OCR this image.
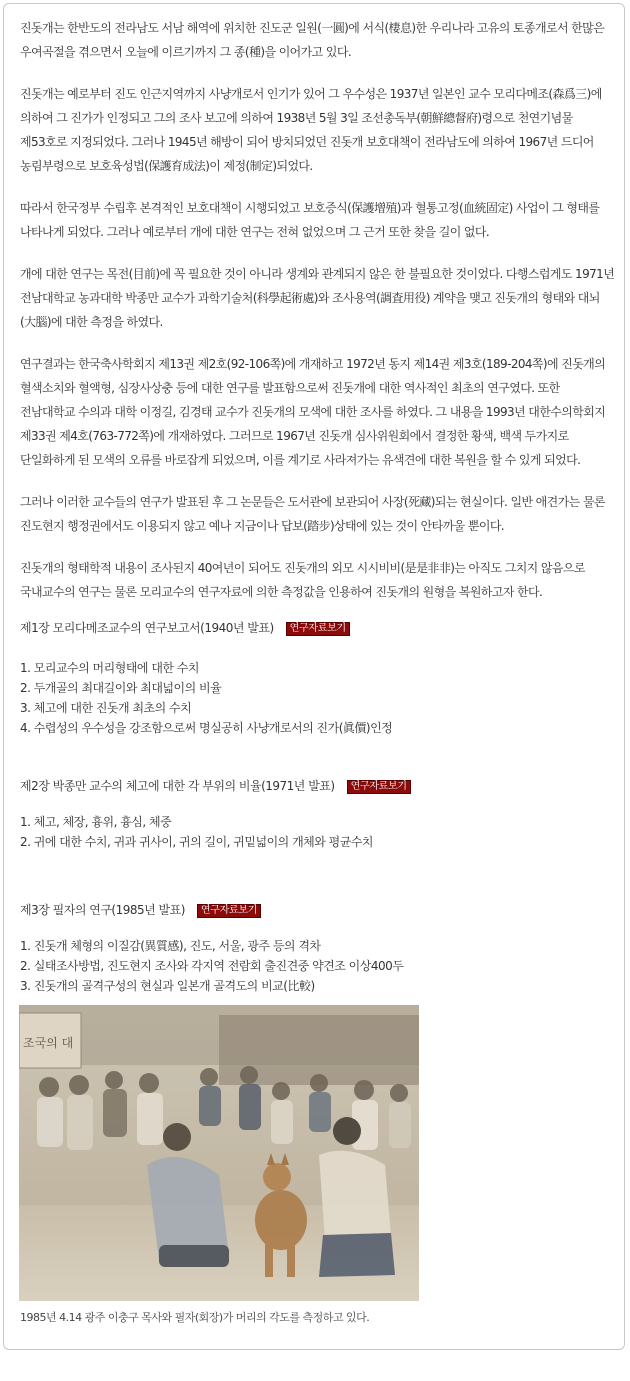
진돗개는 한반도의 전라남도 서남 해역에 위치한 진도군 일원(一圓)에 서식(棲息)한 우리나라 고유의 토종개로서 한많은 우여곡절을 겪으면서 오늘에 이르기까지 그 종(種)을 이어가고 있다.

진돗개는 예로부터 진도 인근지역까지 사냥개로서 인기가 있어 그 우수성은 1937년 일본인 교수 모리다메조(森爲三)에 의하여 그 진가가 인정되고 그의 조사 보고에 의하여 1938년 5월 3일 조선총독부(朝鮮總督府)령으로 천연기념물 제53호로 지정되었다. 그러나 1945년 해방이 되어 방치되었던 진돗개 보호대책이 전라남도에 의하여 1967년 드디어 농림부령으로 보호육성법(保護育成法)이 제정(制定)되었다.

따라서 한국정부 수립후 본격적인 보호대책이 시행되었고 보호증식(保護增殖)과 혈통고정(血統固定) 사업이 그 형태를 나타나게 되었다. 그러나 예로부터 개에 대한 연구는 전혀 없었으며 그 근거 또한 찾을 길이 없다.

개에 대한 연구는 목전(目前)에 꼭 필요한 것이 아니라 생계와 관계되지 않은 한 불필요한 것이었다. 다행스럽게도 1971년 전남대학교 농과대학 박종만 교수가 과학기술처(科學起術處)와 조사용역(調査用役) 계약을 맺고 진돗개의 형태와 대뇌(大腦)에 대한 측정을 하였다.

연구결과는 한국축사학회지 제13권 제2호(92-106쪽)에 개재하고 1972년 동지 제14권 제3호(189-204쪽)에 진돗개의 혈색소치와 혈액형, 심장사상충 등에 대한 연구를 발표함으로써 진돗개에 대한 역사적인 최초의 연구였다. 또한 전남대학교 수의과 대학 이정길, 김경태 교수가 진돗개의 모색에 대한 조사를 하였다. 그 내용을 1993년 대한수의학회지 제33권 제4호(763-772쪽)에 개재하였다. 그러므로 1967년 진돗개 심사위원회에서 결정한 황색, 백색 두가지로 단일화하게 된 모색의 오류를 바로잡게 되었으며, 이를 계기로 사라져가는 유색견에 대한 복원을 할 수 있게 되었다.

그러나 이러한 교수들의 연구가 발표된 후 그 논문들은 도서관에 보관되어 사장(死藏)되는 현실이다. 일반 애견가는 물론 진도현지 행정권에서도 이용되지 않고 예나 지금이나 답보(踏步)상태에 있는 것이 안타까울 뿐이다.

진돗개의 형태학적 내용이 조사된지 40여년이 되어도 진돗개의 외모 시시비비(是是非非)는 아직도 그치지 않음으로 국내교수의 연구는 물론 모리교수의 연구자료에 의한 측정값을 인용하여 진돗개의 원형을 복원하고자 한다.

제1장 모리다메조교수의 연구보고서(1940년 발표) 연구자료보기
1. 모리교수의 머리형태에 대한 수치
2. 두개골의 최대길이와 최대넓이의 비율
3. 체고에 대한 진돗개 최초의 수치
4. 수렵성의 우수성을 강조함으로써 명실공히 사냥개로서의 진가(眞價)인정
제2장 박종만 교수의 체고에 대한 각 부위의 비율(1971년 발표) 연구자료보기
1. 체고, 체장, 흉위, 흉심, 체중
2. 귀에 대한 수치, 귀과 귀사이, 귀의 길이, 귀밑넓이의 개체와 평균수치
제3장 필자의 연구(1985년 발표) 연구자료보기
1. 진돗개 체형의 이질감(異質感), 진도, 서울, 광주 등의 격차
2. 실태조사방법, 진도현지 조사와 각지역 전람회 출진견중 약견조 이상400두
3. 진돗개의 골격구성의 현실과 일본개 골격도의 비교(比較)
조국의 대
1985년 4.14 광주 이충구 목사와 필자(회장)가 머리의 각도를 측정하고 있다.
